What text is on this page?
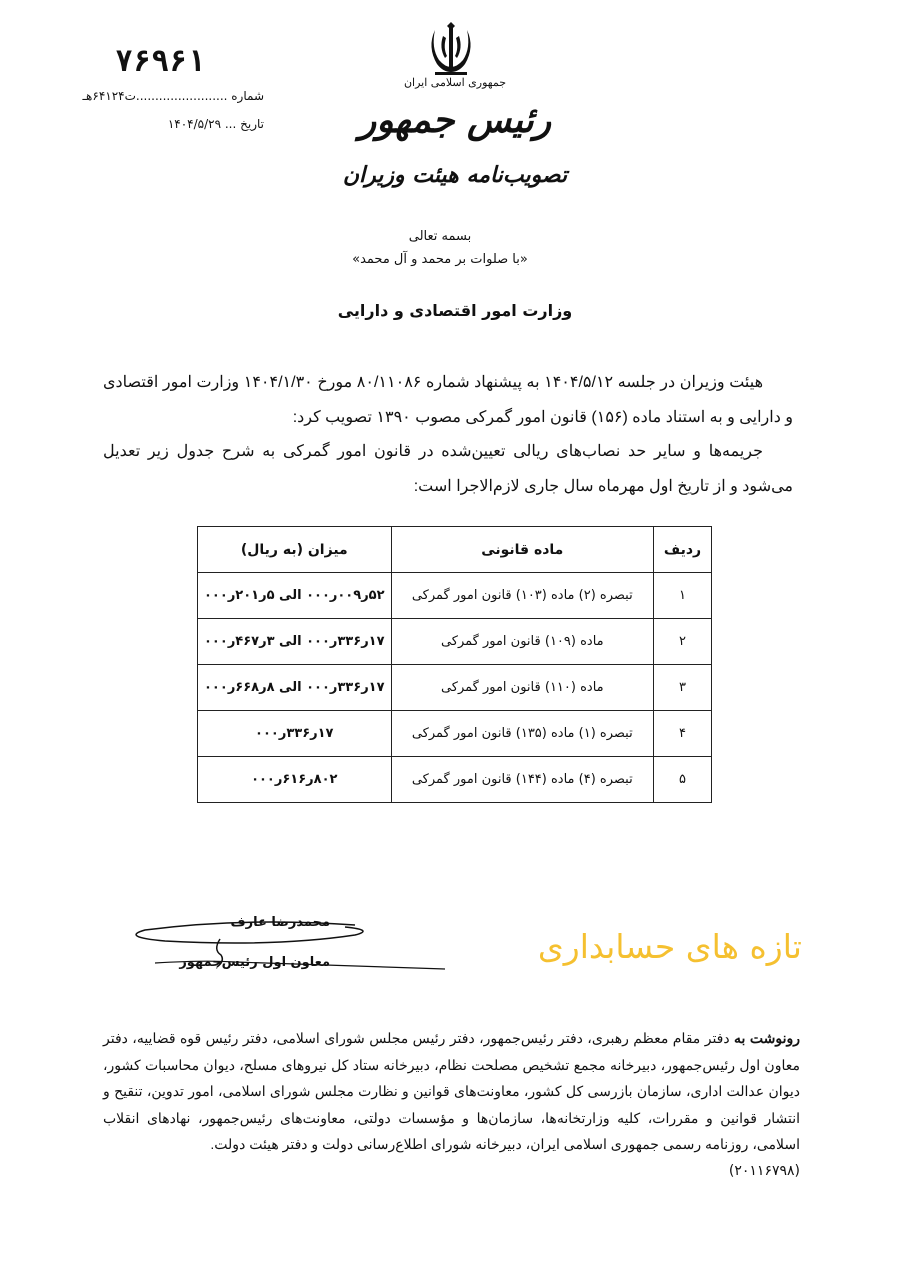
جمهوری اسلامی ایران
رئیس جمهور
تصویب‌نامه هیئت وزیران
۷۶۹۶۱
شماره ........................ت۶۴۱۲۴هـ
تاریخ ... ۱۴۰۴/۵/۲۹
بسمه تعالی
«با صلوات بر محمد و آل محمد»
وزارت امور اقتصادی و دارایی

هیئت وزیران در جلسه ۱۴۰۴/۵/۱۲ به پیشنهاد شماره ۸۰/۱۱۰۸۶ مورخ ۱۴۰۴/۱/۳۰ وزارت امور اقتصادی و دارایی و به استناد ماده (۱۵۶) قانون امور گمرکی مصوب ۱۳۹۰ تصویب کرد:

جریمه‌ها و سایر حد نصاب‌های ریالی تعیین‌شده در قانون امور گمرکی به شرح جدول زیر تعدیل می‌شود و از تاریخ اول مهرماه سال جاری لازم‌الاجرا است:

ردیف	ماده قانونی	میزان (به ریال)
۱	تبصره (۲) ماده (۱۰۳) قانون امور گمرکی	۵۲ر۰۰۹ر۰۰۰ الی ۵ر۲۰۱ر۰۰۰
۲	ماده (۱۰۹) قانون امور گمرکی	۱۷ر۳۳۶ر۰۰۰ الی ۳ر۴۶۷ر۰۰۰
۳	ماده (۱۱۰) قانون امور گمرکی	۱۷ر۳۳۶ر۰۰۰ الی ۸ر۶۶۸ر۰۰۰
۴	تبصره (۱) ماده (۱۳۵) قانون امور گمرکی	۱۷ر۳۳۶ر۰۰۰
۵	تبصره (۴) ماده (۱۴۴) قانون امور گمرکی	۸۰۲ر۶۱۶ر۰۰۰
محمدرضا عارف
معاون اول رئیس‌جمهور	تازه های حسابداری
رونوشت به دفتر مقام معظم رهبری، دفتر رئیس‌جمهور، دفتر رئیس مجلس شورای اسلامی، دفتر رئیس قوه قضاییه، دفتر معاون اول رئیس‌جمهور، دبیرخانه مجمع تشخیص مصلحت نظام، دبیرخانه ستاد کل نیروهای مسلح، دیوان محاسبات کشور، دیوان عدالت اداری، سازمان بازرسی کل کشور، معاونت‌های قوانین و نظارت مجلس شورای اسلامی، امور تدوین، تنقیح و انتشار قوانین و مقررات، کلیه وزارتخانه‌ها، سازمان‌ها و مؤسسات دولتی، معاونت‌های رئیس‌جمهور، نهادهای انقلاب اسلامی، روزنامه رسمی جمهوری اسلامی ایران، دبیرخانه شورای اطلاع‌رسانی دولت و دفتر هیئت دولت.
(۲۰۱۱۶۷۹۸)
